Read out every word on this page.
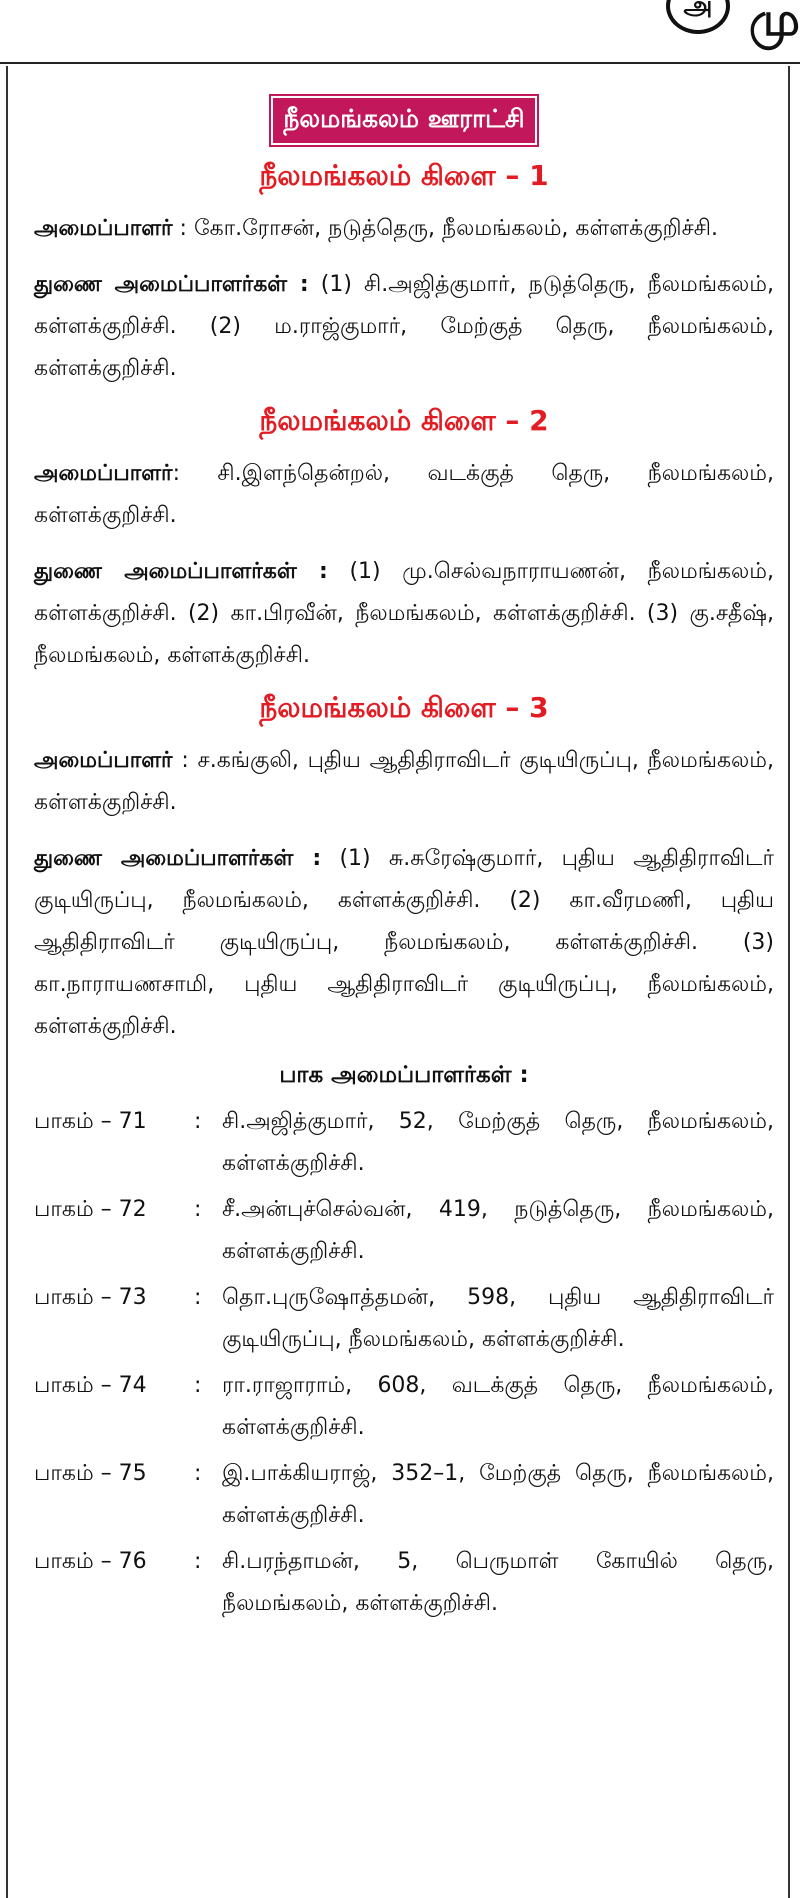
அ மு
நீலமங்கலம் ஊராட்சி
நீலமங்கலம் கிளை – 1

அமைப்பாளர் : கோ.ரோசன், நடுத்தெரு, நீலமங்கலம், கள்ளக்குறிச்சி.

துணை அமைப்பாளர்கள் : (1) சி.அஜித்குமார், நடுத்தெரு, நீலமங்கலம், கள்ளக்குறிச்சி. (2) ம.ராஜ்குமார், மேற்குத் தெரு, நீலமங்கலம், கள்ளக்குறிச்சி.

நீலமங்கலம் கிளை – 2

அமைப்பாளர்: சி.இளந்தென்றல், வடக்குத் தெரு, நீலமங்கலம், கள்ளக்குறிச்சி.

துணை அமைப்பாளர்கள் : (1) மு.செல்வநாராயணன், நீலமங்கலம், கள்ளக்குறிச்சி. (2) கா.பிரவீன், நீலமங்கலம், கள்ளக்குறிச்சி. (3) கு.சதீஷ், நீலமங்கலம், கள்ளக்குறிச்சி.

நீலமங்கலம் கிளை – 3

அமைப்பாளர் : ச.கங்குலி, புதிய ஆதிதிராவிடர் குடியிருப்பு, நீலமங்கலம், கள்ளக்குறிச்சி.

துணை அமைப்பாளர்கள் : (1) சு.சுரேஷ்குமார், புதிய ஆதிதிராவிடர் குடியிருப்பு, நீலமங்கலம், கள்ளக்குறிச்சி. (2) கா.வீரமணி, புதிய ஆதிதிராவிடர் குடியிருப்பு, நீலமங்கலம், கள்ளக்குறிச்சி. (3) கா.நாராயணசாமி, புதிய ஆதிதிராவிடர் குடியிருப்பு, நீலமங்கலம், கள்ளக்குறிச்சி.

பாக அமைப்பாளர்கள் :
பாகம் – 71	: சி.அஜித்குமார், 52, மேற்குத் தெரு, நீலமங்கலம், கள்ளக்குறிச்சி.
பாகம் – 72	: சீ.அன்புச்செல்வன், 419, நடுத்தெரு, நீலமங்கலம், கள்ளக்குறிச்சி.
பாகம் – 73	: தொ.புருஷோத்தமன், 598, புதிய ஆதிதிராவிடர் குடியிருப்பு, நீலமங்கலம், கள்ளக்குறிச்சி.
பாகம் – 74	: ரா.ராஜாராம், 608, வடக்குத் தெரு, நீலமங்கலம், கள்ளக்குறிச்சி.
பாகம் – 75	: இ.பாக்கியராஜ், 352–1, மேற்குத் தெரு, நீலமங்கலம், கள்ளக்குறிச்சி.
பாகம் – 76	: சி.பரந்தாமன், 5, பெருமாள் கோயில் தெரு, நீலமங்கலம், கள்ளக்குறிச்சி.
